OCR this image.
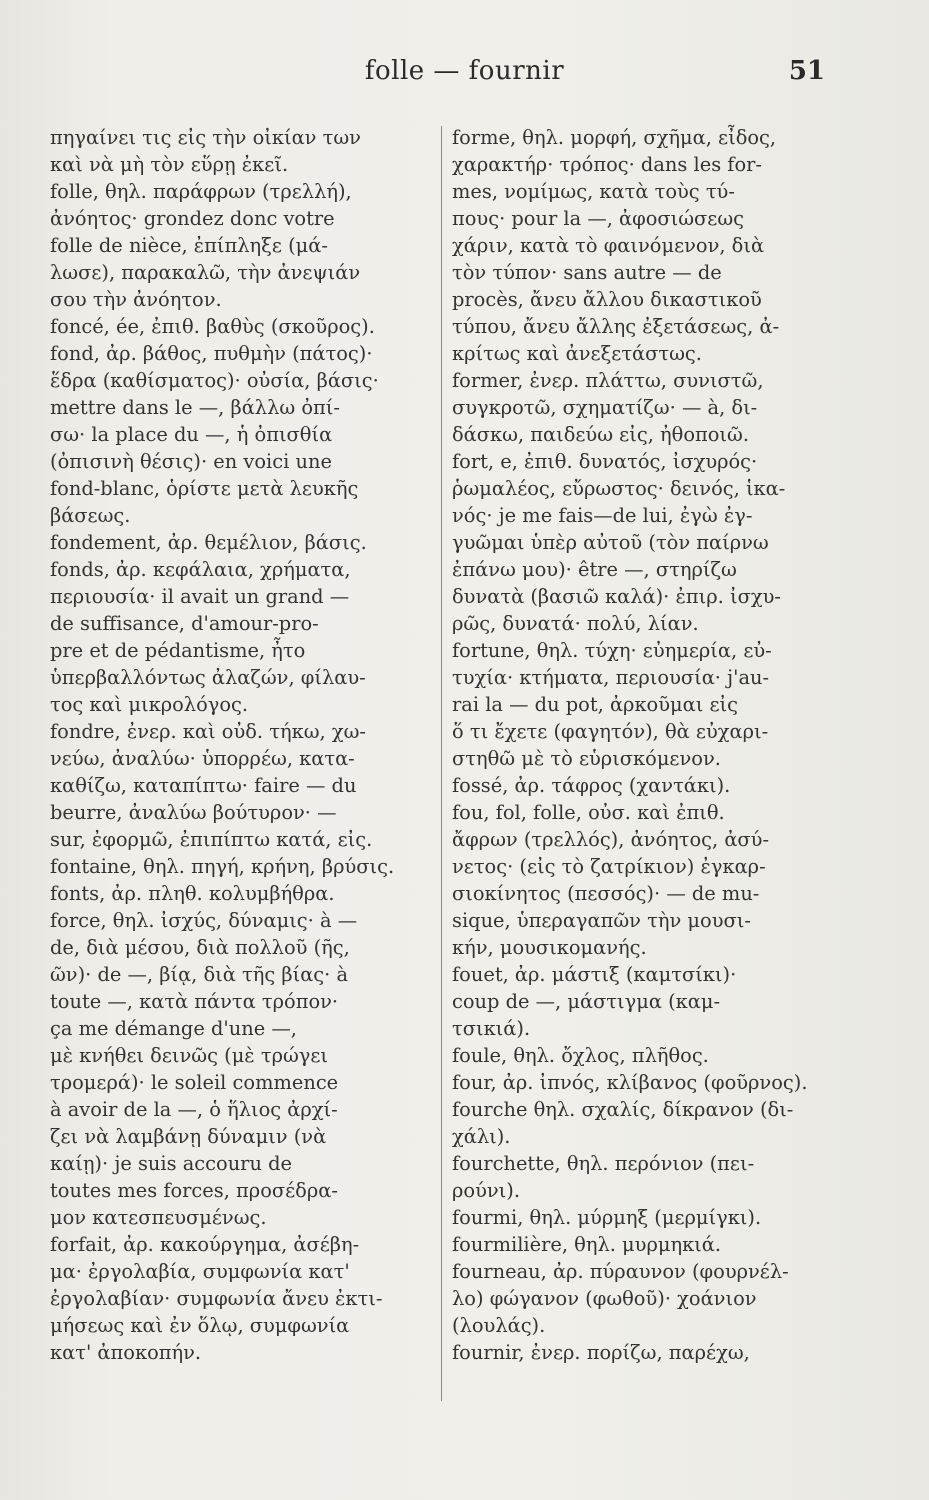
folle — fournir	51
πηγαίνει τις εἰς τὴν οἰκίαν των
καὶ νὰ μὴ τὸν εὕρῃ ἐκεῖ.
folle, θηλ. παράφρων (τρελλή),
ἀνόητος· grondez donc votre
folle de nièce, ἐπίπληξε (μά-
λωσε), παρακαλῶ, τὴν ἀνεψιάν
σου τὴν ἀνόητον.
foncé, ée, ἐπιθ. βαθὺς (σκοῦρος).
fond, ἀρ. βάθος, πυθμὴν (πάτος)·
ἕδρα (καθίσματος)· οὐσία, βάσις·
mettre dans le —, βάλλω ὀπί-
σω· la place du —, ἡ ὀπισθία
(ὀπισινὴ θέσις)· en voici une
fond-blanc, ὁρίστε μετὰ λευκῆς
βάσεως.
fondement, ἀρ. θεμέλιον, βάσις.
fonds, ἀρ. κεφάλαια, χρήματα,
περιουσία· il avait un grand —
de suffisance, d'amour-pro-
pre et de pédantisme, ἦτο
ὑπερβαλλόντως ἀλαζών, φίλαυ-
τος καὶ μικρολόγος.
fondre, ἐνερ. καὶ οὐδ. τήκω, χω-
νεύω, ἀναλύω· ὑπορρέω, κατα-
καθίζω, καταπίπτω· faire — du
beurre, ἀναλύω βούτυρον· —
sur, ἐφορμῶ, ἐπιπίπτω κατά, εἰς.
fontaine, θηλ. πηγή, κρήνη, βρύσις.
fonts, ἀρ. πληθ. κολυμβήθρα.
force, θηλ. ἰσχύς, δύναμις· à —
de, διὰ μέσου, διὰ πολλοῦ (ῆς,
ῶν)· de —, βίᾳ, διὰ τῆς βίας· à
toute —, κατὰ πάντα τρόπον·
ça me démange d'une —,
μὲ κνήθει δεινῶς (μὲ τρώγει
τρομερά)· le soleil commence
à avoir de la —, ὁ ἥλιος ἀρχί-
ζει νὰ λαμβάνῃ δύναμιν (νὰ
καίῃ)· je suis accouru de
toutes mes forces, προσέδρα-
μον κατεσπευσμένως.
forfait, ἀρ. κακούργημα, ἀσέβη-
μα· ἐργολαβία, συμφωνία κατ'
ἐργολαβίαν· συμφωνία ἄνευ ἐκτι-
μήσεως καὶ ἐν ὅλῳ, συμφωνία
κατ' ἀποκοπήν.
forme, θηλ. μορφή, σχῆμα, εἶδος,
χαρακτήρ· τρόπος· dans les for-
mes, νομίμως, κατὰ τοὺς τύ-
πους· pour la —, ἀφοσιώσεως
χάριν, κατὰ τὸ φαινόμενον, διὰ
τὸν τύπον· sans autre — de
procès, ἄνευ ἄλλου δικαστικοῦ
τύπου, ἄνευ ἄλλης ἐξετάσεως, ἀ-
κρίτως καὶ ἀνεξετάστως.
former, ἐνερ. πλάττω, συνιστῶ,
συγκροτῶ, σχηματίζω· — à, δι-
δάσκω, παιδεύω εἰς, ἠθοποιῶ.
fort, e, ἐπιθ. δυνατός, ἰσχυρός·
ῥωμαλέος, εὔρωστος· δεινός, ἱκα-
νός· je me fais—de lui, ἐγὼ ἐγ-
γυῶμαι ὑπὲρ αὐτοῦ (τὸν παίρνω
ἐπάνω μου)· être —, στηρίζω
δυνατὰ (βασιῶ καλά)· ἐπιρ. ἰσχυ-
ρῶς, δυνατά· πολύ, λίαν.
fortune, θηλ. τύχη· εὐημερία, εὐ-
τυχία· κτήματα, περιουσία· j'au-
rai la — du pot, ἀρκοῦμαι εἰς
ὅ τι ἔχετε (φαγητόν), θὰ εὐχαρι-
στηθῶ μὲ τὸ εὑρισκόμενον.
fossé, ἀρ. τάφρος (χαντάκι).
fou, fol, folle, οὐσ. καὶ ἐπιθ.
ἄφρων (τρελλός), ἀνόητος, ἀσύ-
νετος· (εἰς τὸ ζατρίκιον) ἐγκαρ-
σιοκίνητος (πεσσός)· — de mu-
sique, ὑπεραγαπῶν τὴν μουσι-
κήν, μουσικομανής.
fouet, ἀρ. μάστιξ (καμτσίκι)·
coup de —, μάστιγμα (καμ-
τσικιά).
foule, θηλ. ὄχλος, πλῆθος.
four, ἀρ. ἰπνός, κλίβανος (φοῦρνος).
fourche θηλ. σχαλίς, δίκρανον (δι-
χάλι).
fourchette, θηλ. περόνιον (πει-
ρούνι).
fourmi, θηλ. μύρμηξ (μερμίγκι).
fourmilière, θηλ. μυρμηκιά.
fourneau, ἀρ. πύραυνον (φουρνέλ-
λο) φώγανον (φωθοῦ)· χοάνιον
(λουλάς).
fournir, ἐνερ. πορίζω, παρέχω,
